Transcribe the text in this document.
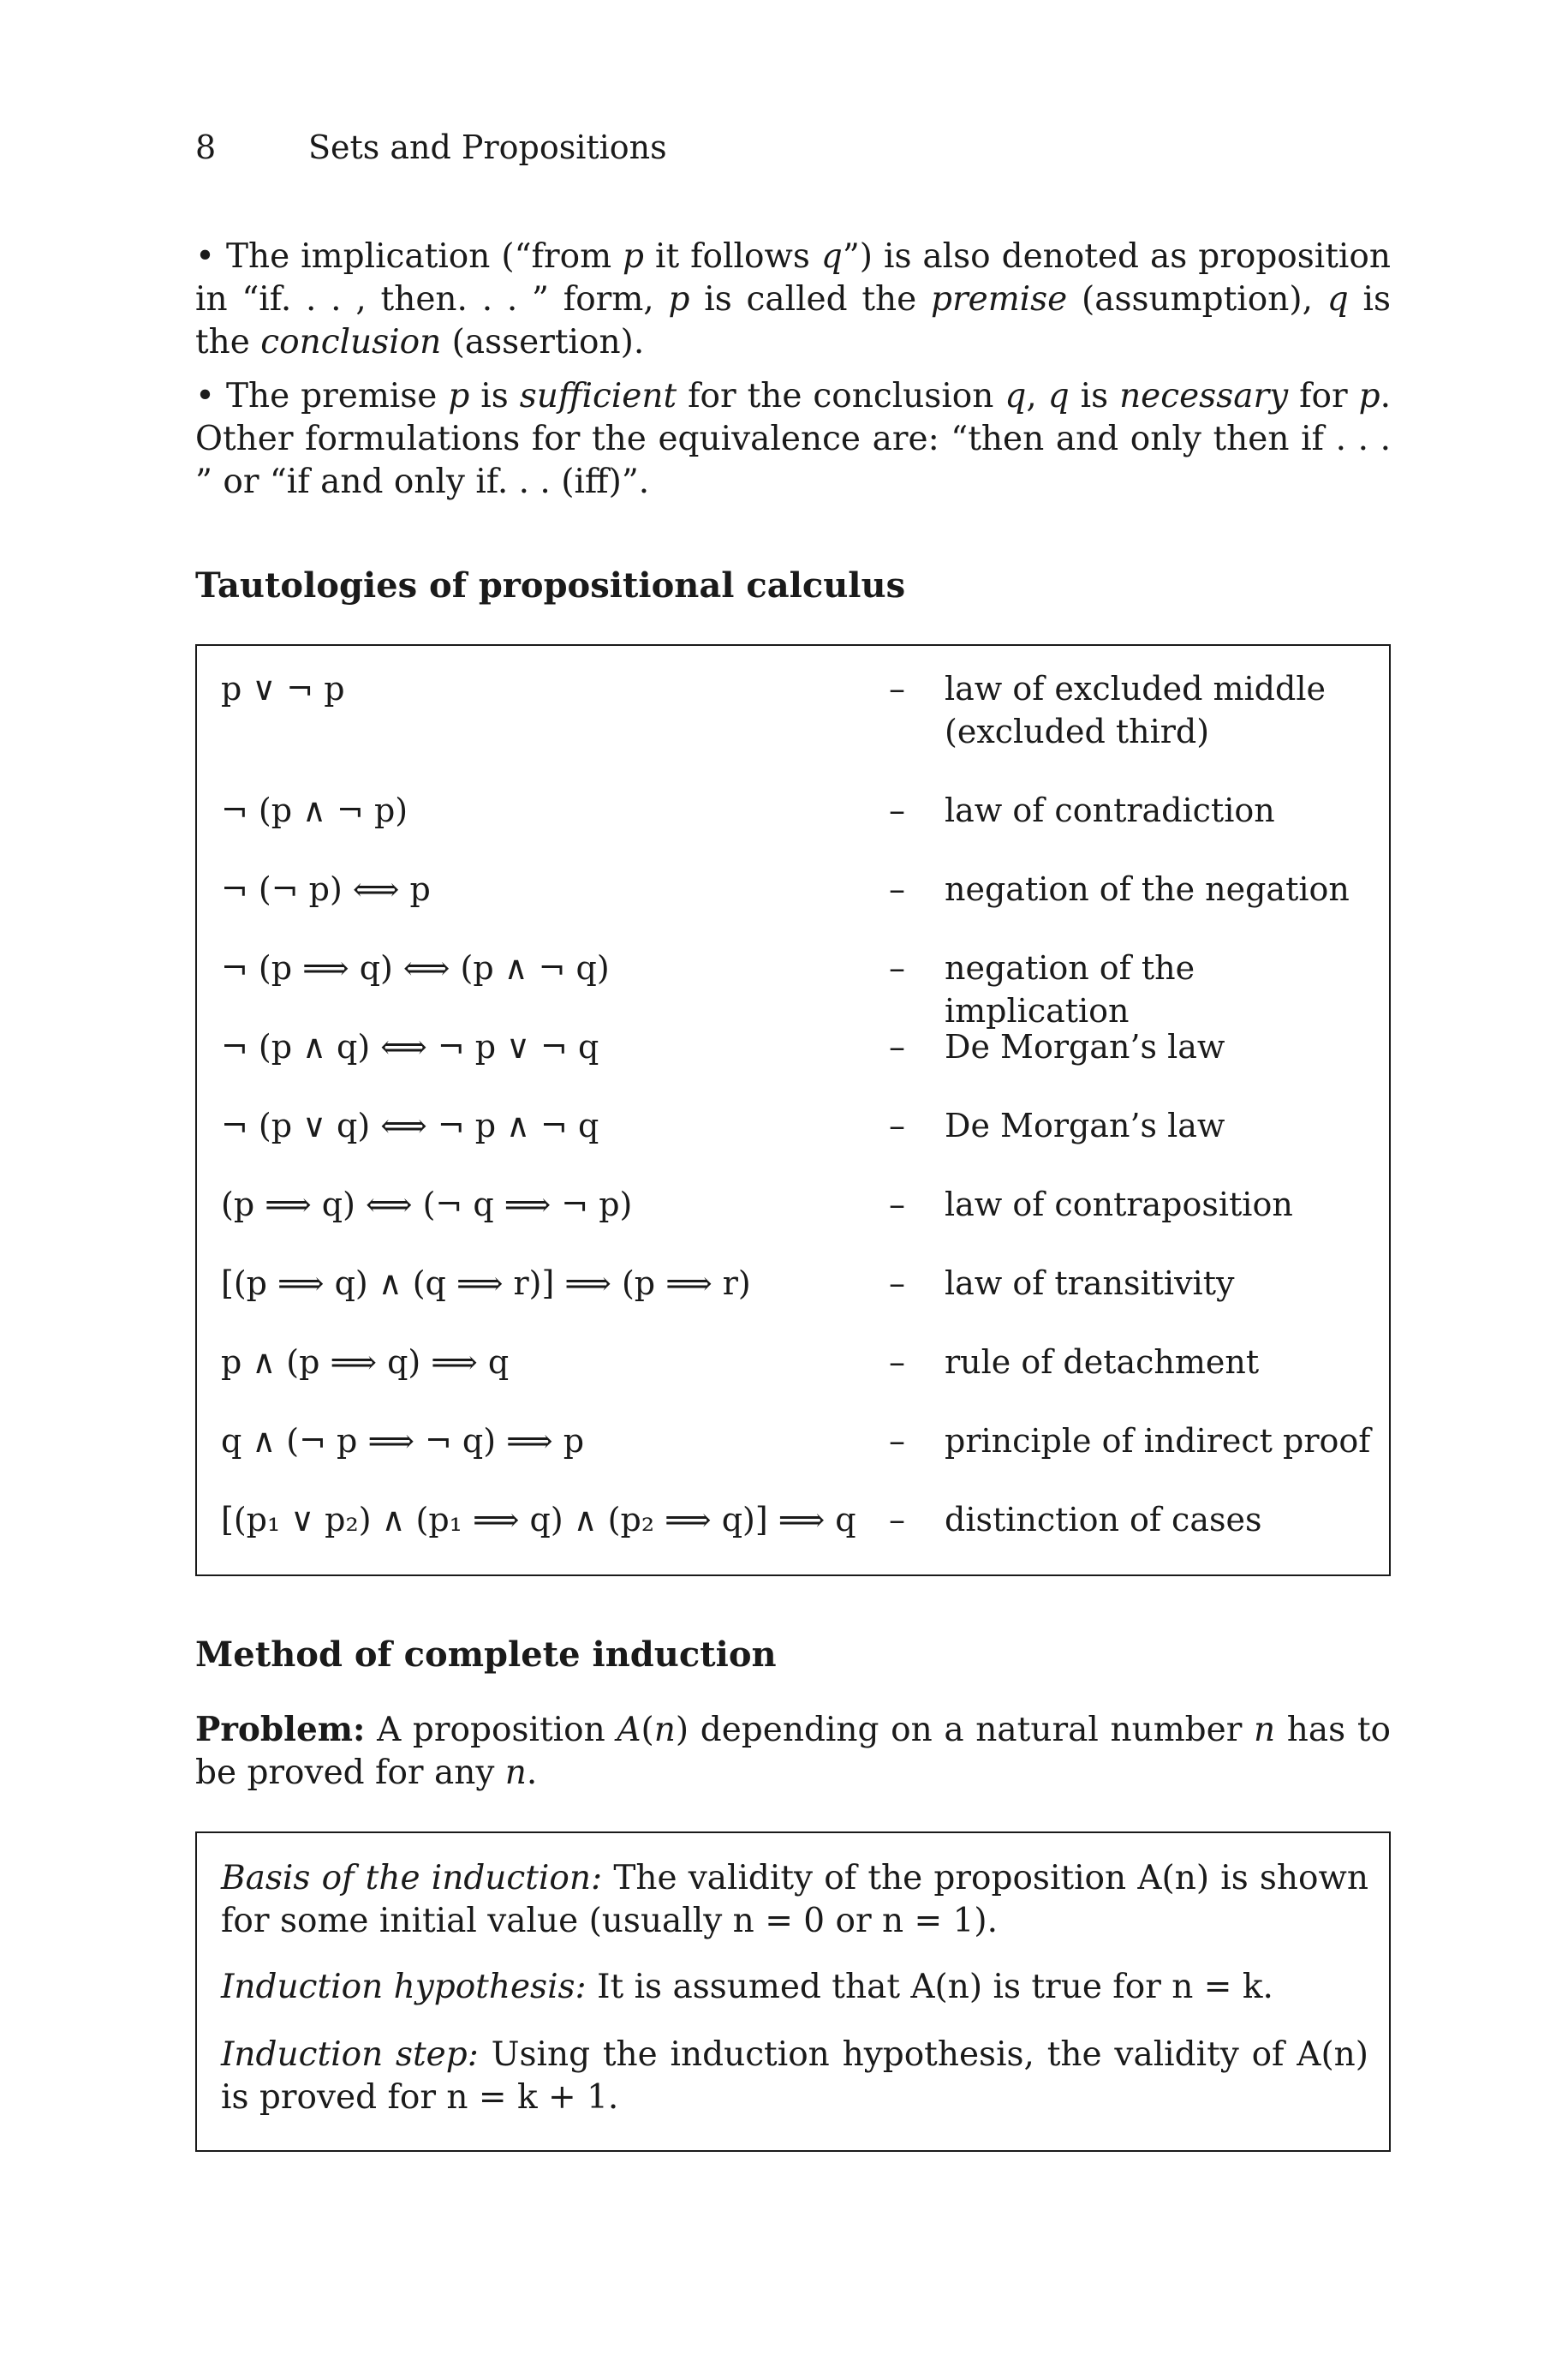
8	Sets and Propositions
• The implication (“from p it follows q”) is also denoted as proposition in “if. . . , then. . . ” form, p is called the premise (assumption), q is the conclusion (assertion).
• The premise p is sufficient for the conclusion q, q is necessary for p. Other formulations for the equivalence are: “then and only then if . . . ” or “if and only if. . . (iff)”.
Tautologies of propositional calculus
p ∨ ¬ p	– law of excluded middle (excluded third)
¬ (p ∧ ¬ p)	– law of contradiction
¬ (¬ p) ⟺ p	– negation of the negation
¬ (p ⟹ q) ⟺ (p ∧ ¬ q)	– negation of the implication
¬ (p ∧ q) ⟺ ¬ p ∨ ¬ q	– De Morgan’s law
¬ (p ∨ q) ⟺ ¬ p ∧ ¬ q	– De Morgan’s law
(p ⟹ q) ⟺ (¬ q ⟹ ¬ p)	– law of contraposition
[(p ⟹ q) ∧ (q ⟹ r)] ⟹ (p ⟹ r)	– law of transitivity
p ∧ (p ⟹ q) ⟹ q	– rule of detachment
q ∧ (¬ p ⟹ ¬ q) ⟹ p	– principle of indirect proof
[(p₁ ∨ p₂) ∧ (p₁ ⟹ q) ∧ (p₂ ⟹ q)] ⟹ q – distinction of cases
Method of complete induction
Problem: A proposition A(n) depending on a natural number n has to be proved for any n.
Basis of the induction: The validity of the proposition A(n) is shown for some initial value (usually n = 0 or n = 1).
Induction hypothesis: It is assumed that A(n) is true for n = k.
Induction step: Using the induction hypothesis, the validity of A(n) is proved for n = k + 1.
